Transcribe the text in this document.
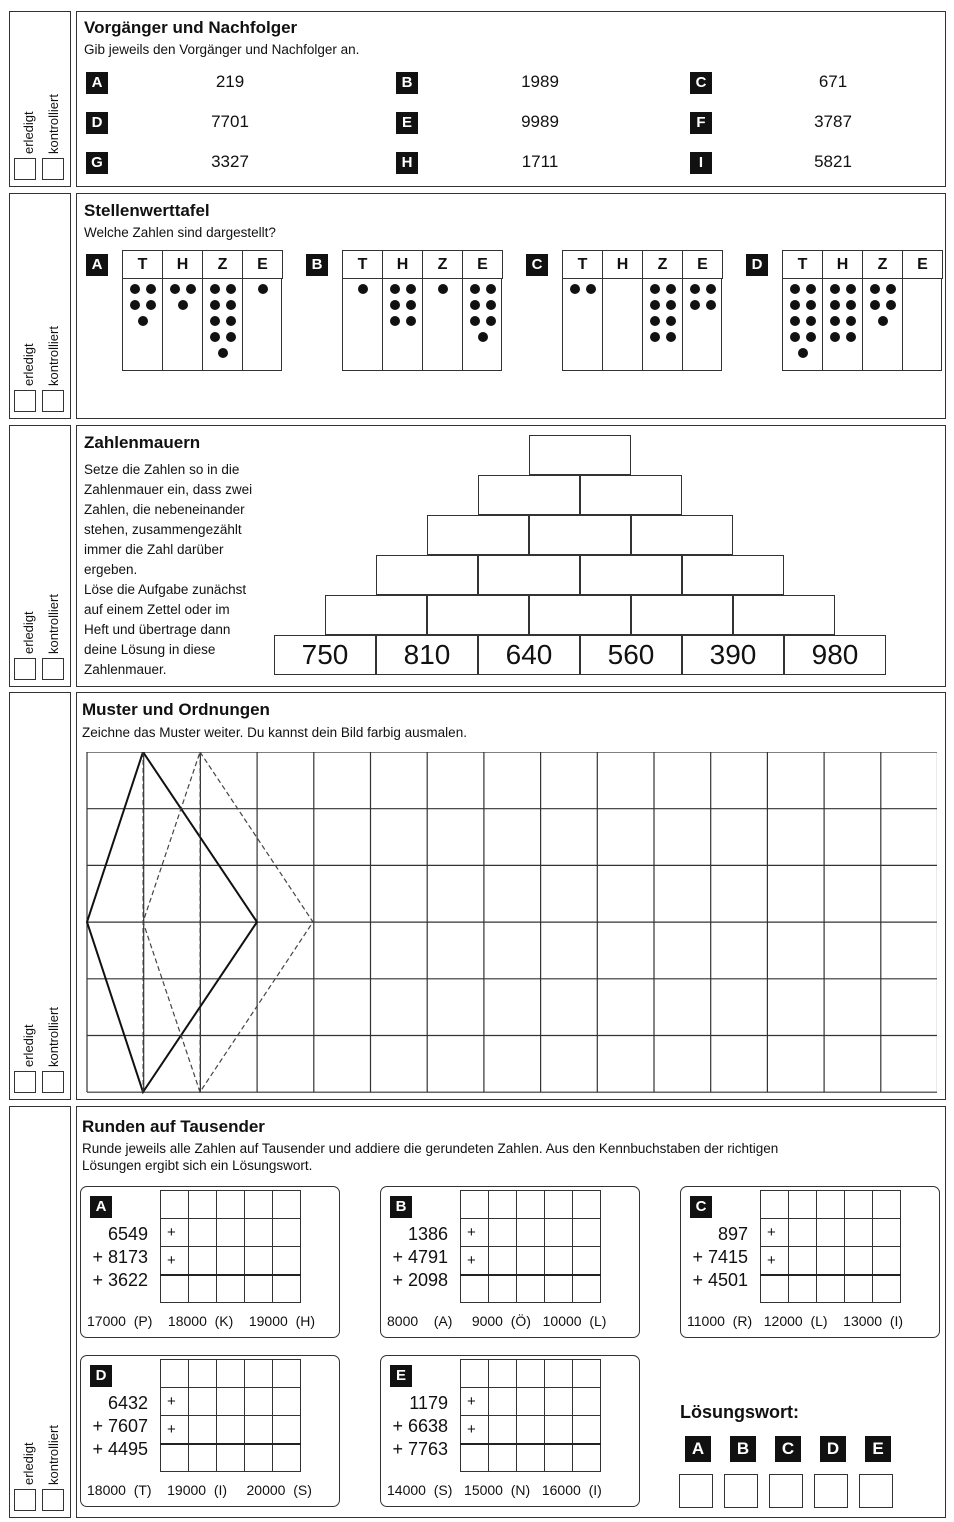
Vorgänger und Nachfolger
Gib jeweils den Vorgänger und Nachfolger an.
Stellenwerttafel
Welche Zahlen sind dargestellt?
Zahlenmauern
Setze die Zahlen so in die
Zahlenmauer ein, dass zwei
Zahlen, die nebeneinander
stehen, zusammengezählt
immer die Zahl darüber
ergeben.
Löse die Aufgabe zunächst
auf einem Zettel oder im
Heft und übertrage dann
deine Lösung in diese
Zahlenmauer.
Muster und Ordnungen
Zeichne das Muster weiter. Du kannst dein Bild farbig ausmalen.
Runden auf Tausender
Runde jeweils alle Zahlen auf Tausender und addiere die gerundeten Zahlen. Aus den Kennbuchstaben der richtigen
Lösungen ergibt sich ein Lösungswort.
Lösungswort:
erledigt kontrolliert
erledigt kontrolliert
erledigt kontrolliert
erledigt kontrolliert
erledigt kontrolliert
A	219	B	1989	C	671
D	7701	E	9989	F	3787
G	3327	H	1711	I	5821
A	T	H	Z	E	B	T	H	Z	E	C	T	H	Z	E	D	T	H	Z	E
750	810	640	560	390	980
A
6549
+ 8173
+ 3622

+				
+				

17000  (P)    18000  (K)    19000  (H)
B
1386
+ 4791
+ 2098

+				
+				

8000    (A)     9000  (Ö)   10000  (L)
C
897
+ 7415
+ 4501

+				
+				

11000  (R)   12000  (L)    13000  (I)
D
6432
+ 7607
+ 4495

+				
+				

18000  (T)    19000  (I)     20000  (S)
E
1179
+ 6638
+ 7763

+				
+				

14000  (S)   15000  (N)   16000  (I)
A	B	C	D	E
